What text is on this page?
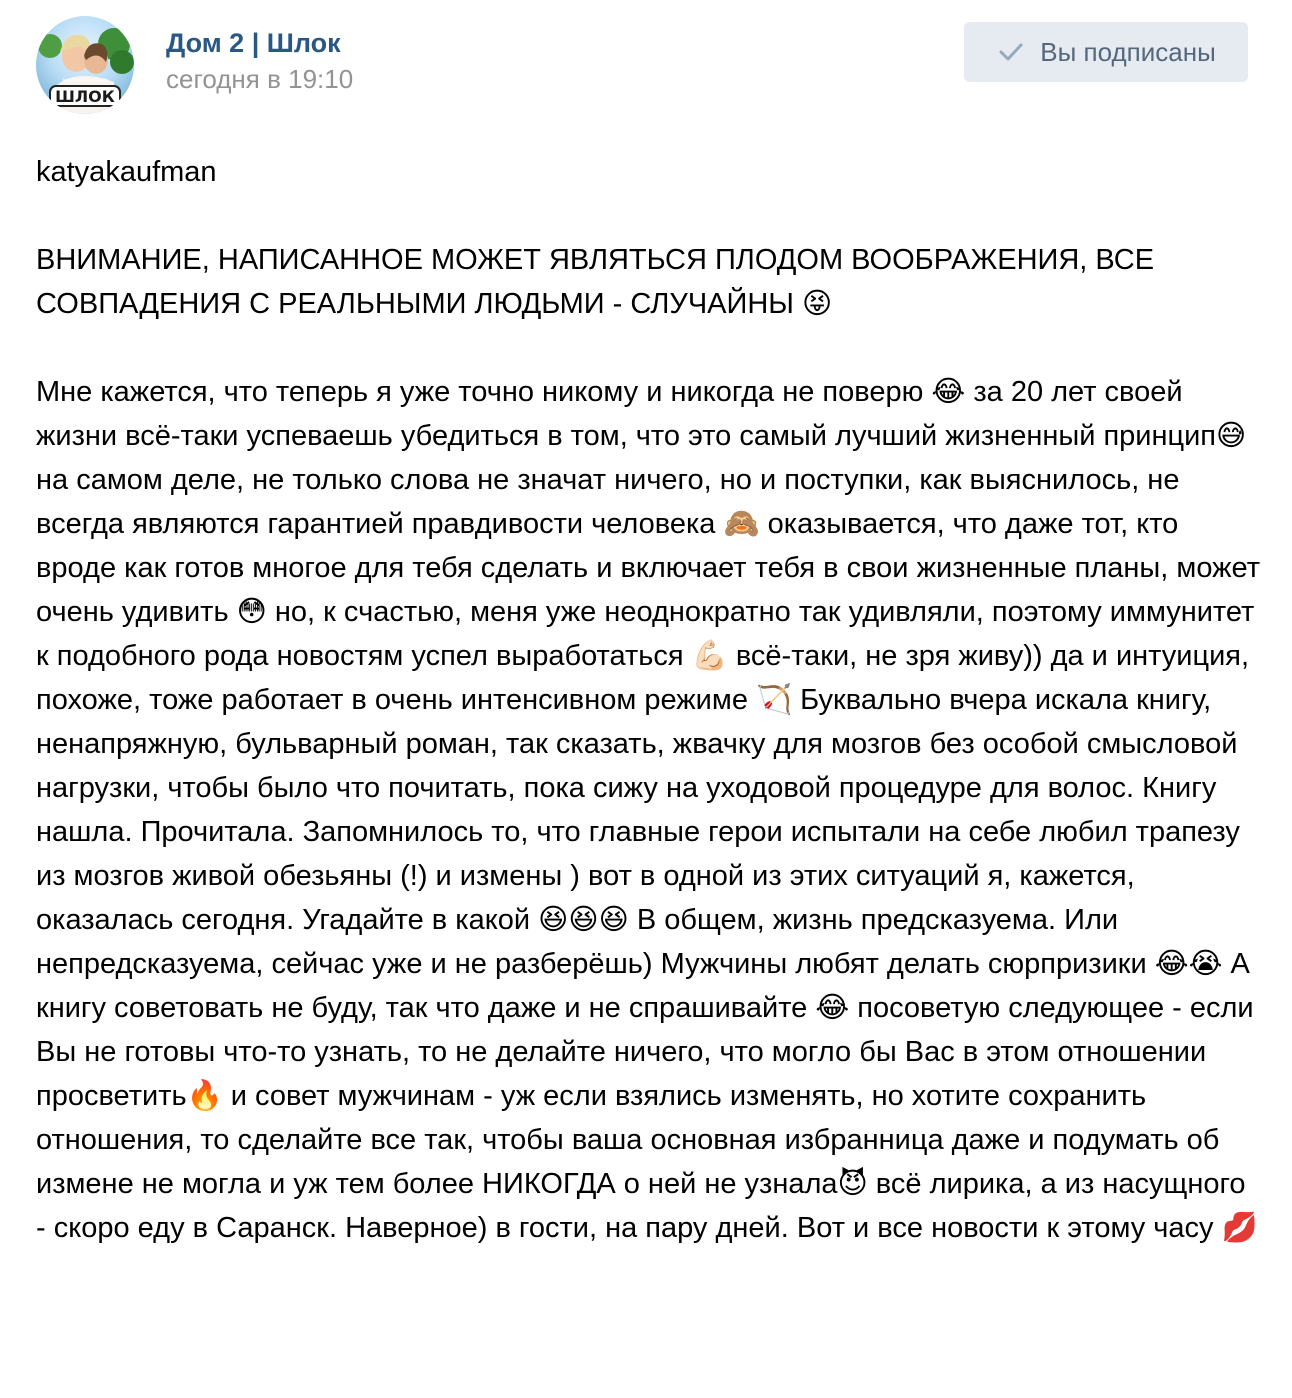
www.schlock.ru
ШЛОК
Дом 2 | Шлок
сегодня в 19:10
Вы подписаны

katyakaufman

ВНИМАНИЕ, НАПИСАННОЕ МОЖЕТ ЯВЛЯТЬСЯ ПЛОДОМ ВООБРАЖЕНИЯ, ВСЕ СОВПАДЕНИЯ С РЕАЛЬНЫМИ ЛЮДЬМИ - СЛУЧАЙНЫ 😝

Мне кажется, что теперь я уже точно никому и никогда не поверю 😂 за 20 лет своей жизни всё-таки успеваешь убедиться в том, что это самый лучший жизненный принцип😅 на самом деле, не только слова не значат ничего, но и поступки, как выяснилось, не всегда являются гарантией правдивости человека 🙈 оказывается, что даже тот, кто вроде как готов многое для тебя сделать и включает тебя в свои жизненные планы, может очень удивить 😳 но, к счастью, меня уже неоднократно так удивляли, поэтому иммунитет к подобного рода новостям успел выработаться 💪🏻 всё-таки, не зря живу)) да и интуиция, похоже, тоже работает в очень интенсивном режиме 🏹 Буквально вчера искала книгу, ненапряжную, бульварный роман, так сказать, жвачку для мозгов без особой смысловой нагрузки, чтобы было что почитать, пока сижу на уходовой процедуре для волос. Книгу нашла. Прочитала. Запомнилось то, что главные герои испытали на себе любил трапезу из мозгов живой обезьяны (!) и измены ) вот в одной из этих ситуаций я, кажется, оказалась сегодня. Угадайте в какой 😆😆😆 В общем, жизнь предсказуема. Или непредсказуема, сейчас уже и не разберёшь) Мужчины любят делать сюрпризики 😂😭 А книгу советовать не буду, так что даже и не спрашивайте 😂 посоветую следующее - если Вы не готовы что-то узнать, то не делайте ничего, что могло бы Вас в этом отношении просветить🔥 и совет мужчинам - уж если взялись изменять, но хотите сохранить отношения, то сделайте все так, чтобы ваша основная избранница даже и подумать об измене не могла и уж тем более НИКОГДА о ней не узнала😈 всё лирика, а из насущного - скоро еду в Саранск. Наверное) в гости, на пару дней. Вот и все новости к этому часу 💋
